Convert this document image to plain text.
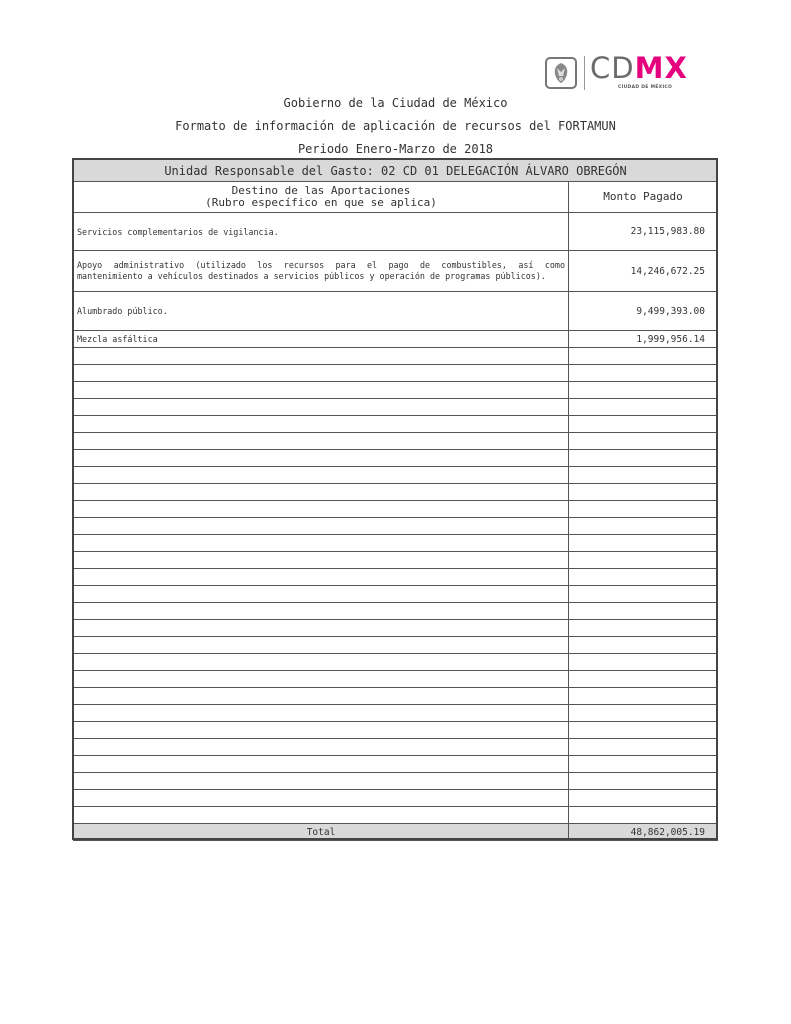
CDMX
CIUDAD DE MÉXICO
Gobierno de la Ciudad de México
Formato de información de aplicación de recursos del FORTAMUN
Periodo Enero-Marzo de 2018
Unidad Responsable del Gasto: 02 CD 01 DELEGACIÓN ÁLVARO OBREGÓN	

Destino de las Aportaciones
(Rubro específico en que se aplica)	Monto Pagado
Servicios complementarios de vigilancia.	23,115,983.80

Apoyo administrativo (utilizado los recursos para el pago de combustibles, así como mantenimiento a vehículos destinados a servicios públicos y operación de programas públicos).	14,246,672.25
Alumbrado público.	9,499,393.00
Mezcla asfáltica	1,999,956.14

Total	48,862,005.19
